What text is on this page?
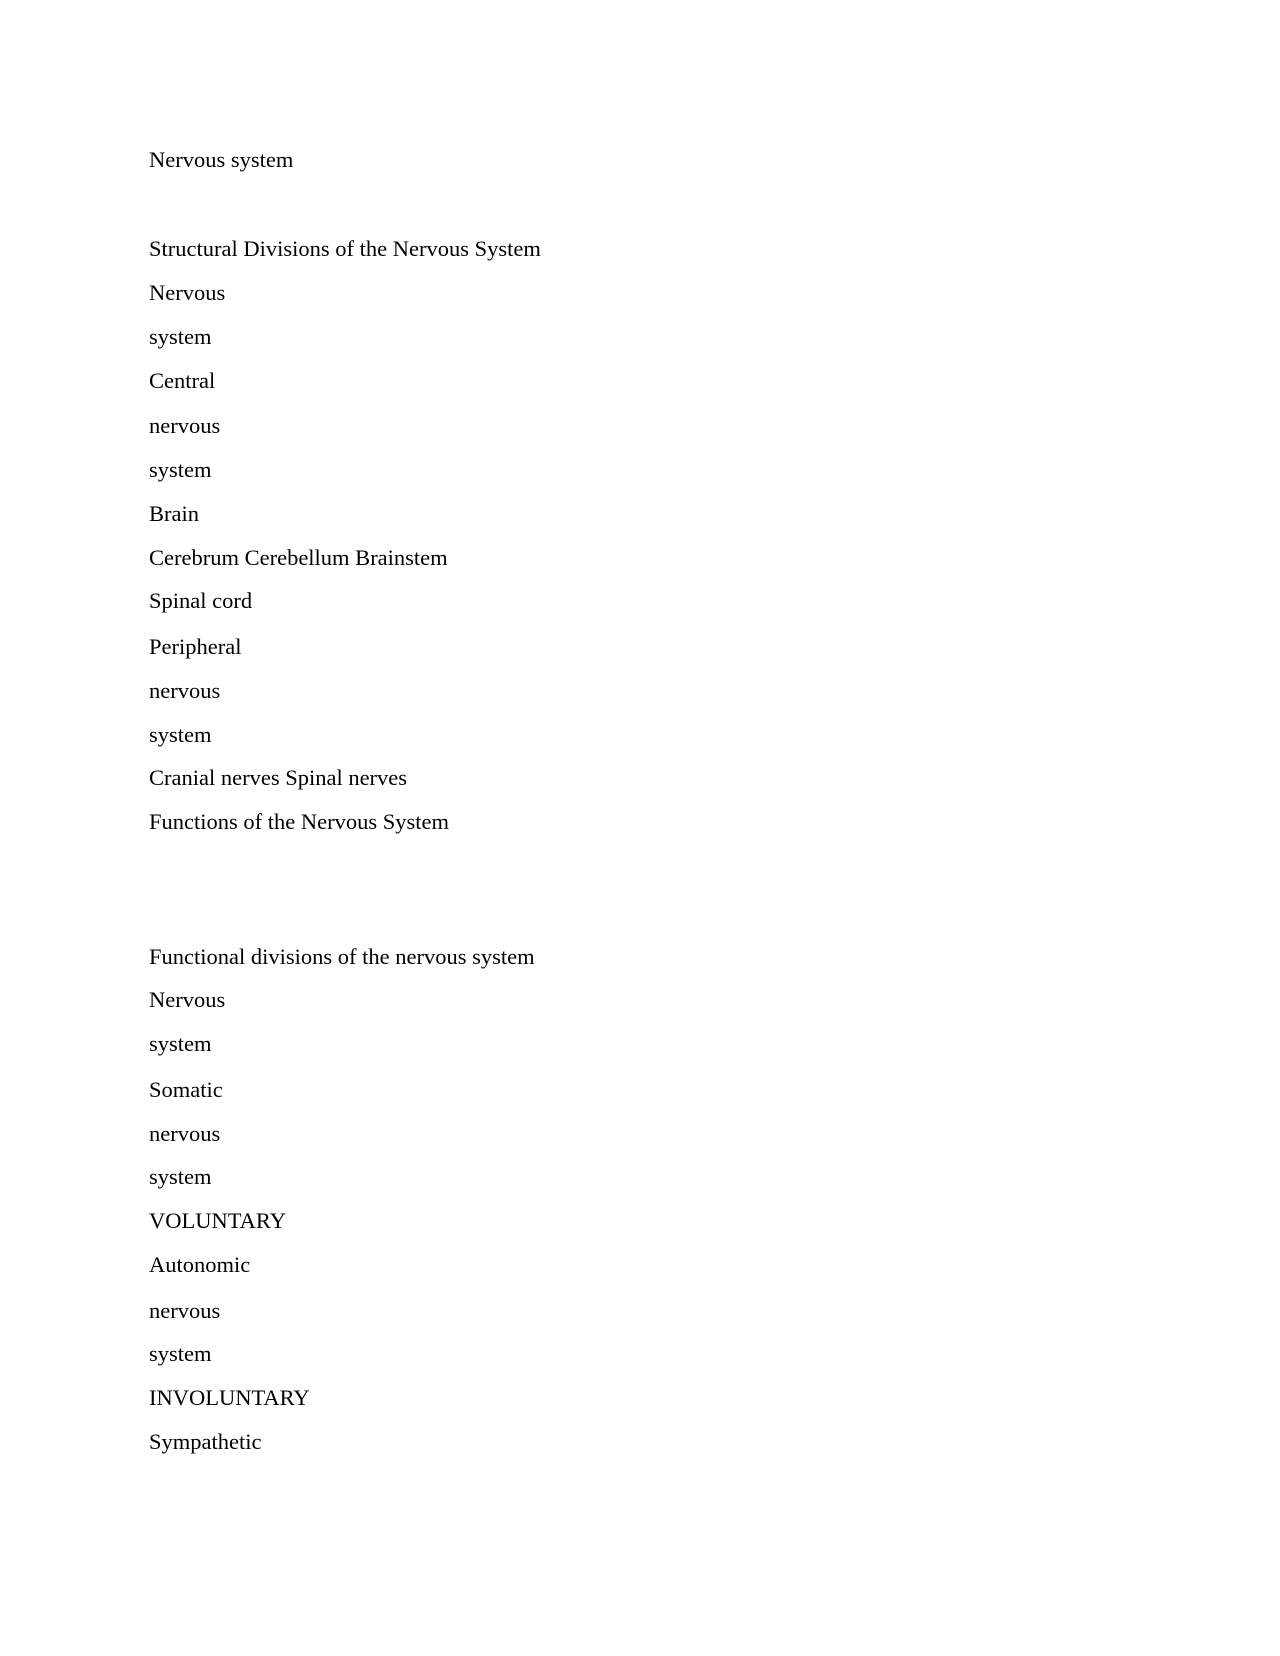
Nervous system
Structural Divisions of the Nervous System
Nervous
system
Central
nervous
system
Brain
Cerebrum Cerebellum Brainstem
Spinal cord
Peripheral
nervous
system
Cranial nerves Spinal nerves
Functions of the Nervous System
Functional divisions of the nervous system
Nervous
system
Somatic
nervous
system
VOLUNTARY
Autonomic
nervous
system
INVOLUNTARY
Sympathetic
